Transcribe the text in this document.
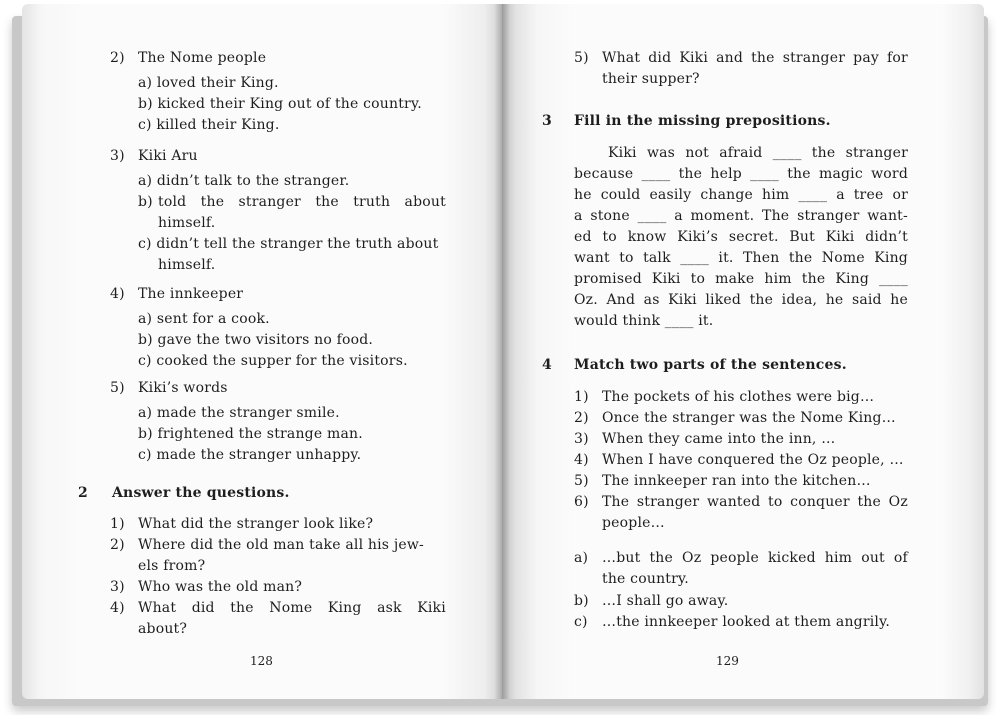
2) The Nome people
a) loved their King.
b) kicked their King out of the country.
c) killed their King.
3) Kiki Aru
a) didn’t talk to the stranger.
b) told the stranger the truth about
himself.
c) didn’t tell the stranger the truth about
himself.
4) The innkeeper
a) sent for a cook.
b) gave the two visitors no food.
c) cooked the supper for the visitors.
5) Kiki’s words
a) made the stranger smile.
b) frightened the strange man.
c) made the stranger unhappy.
2 Answer the questions.
1) What did the stranger look like?
2) Where did the old man take all his jew-
els from?
3) Who was the old man?
4) What did the Nome King ask Kiki
about?
128
5) What did Kiki and the stranger pay for
their supper?
3 Fill in the missing prepositions.
Kiki was not afraid ____ the stranger
because ____ the help ____ the magic word
he could easily change him ____ a tree or
a stone ____ a moment. The stranger want-
ed to know Kiki’s secret. But Kiki didn’t
want to talk ____ it. Then the Nome King
promised Kiki to make him the King ____
Oz. And as Kiki liked the idea, he said he
would think ____ it.
4 Match two parts of the sentences.
1) The pockets of his clothes were big…
2) Once the stranger was the Nome King…
3) When they came into the inn, …
4) When I have conquered the Oz people, …
5) The innkeeper ran into the kitchen…
6) The stranger wanted to conquer the Oz
people…
a) …but the Oz people kicked him out of
the country.
b) …I shall go away.
c) …the innkeeper looked at them angrily.
129
